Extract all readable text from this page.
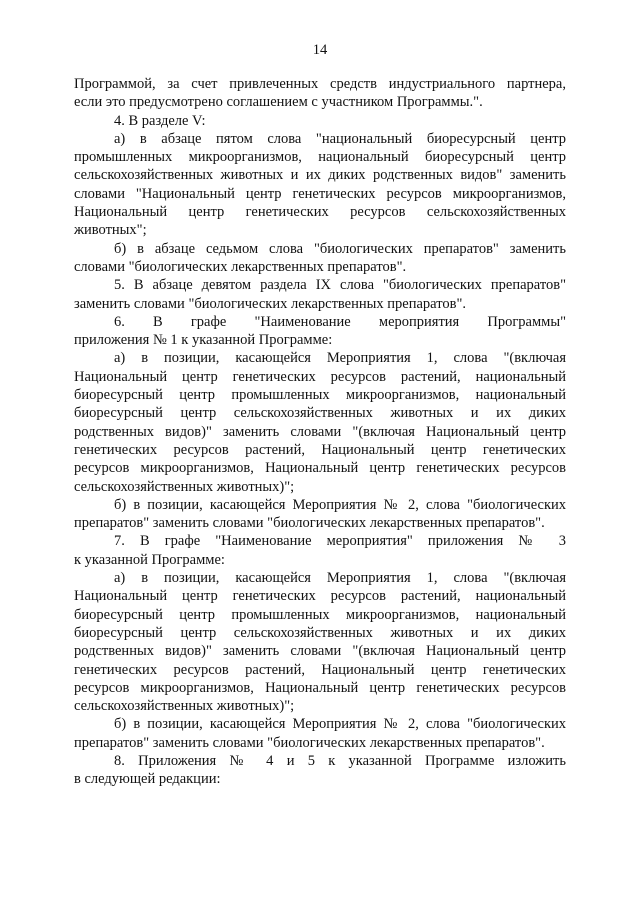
14
Программой, за счет привлеченных средств индустриального партнера,
если это предусмотрено соглашением с участником Программы.".
4. В разделе V:
а) в абзаце пятом слова "национальный биоресурсный центр
промышленных микроорганизмов, национальный биоресурсный центр
сельскохозяйственных животных и их диких родственных видов" заменить
словами "Национальный центр генетических ресурсов микроорганизмов,
Национальный центр генетических ресурсов сельскохозяйственных
животных";
б) в абзаце седьмом слова "биологических препаратов" заменить
словами "биологических лекарственных препаратов".
5. В абзаце девятом раздела IX слова "биологических препаратов"
заменить словами "биологических лекарственных препаратов".
6. В графе "Наименование мероприятия Программы"
приложения № 1 к указанной Программе:
а) в позиции, касающейся Мероприятия 1, слова "(включая
Национальный центр генетических ресурсов растений, национальный
биоресурсный центр промышленных микроорганизмов, национальный
биоресурсный центр сельскохозяйственных животных и их диких
родственных видов)" заменить словами "(включая Национальный центр
генетических ресурсов растений, Национальный центр генетических
ресурсов микроорганизмов, Национальный центр генетических ресурсов
сельскохозяйственных животных)";
б) в позиции, касающейся Мероприятия № 2, слова "биологических
препаратов" заменить словами "биологических лекарственных препаратов".
7. В графе "Наименование мероприятия" приложения № 3
к указанной Программе:
а) в позиции, касающейся Мероприятия 1, слова "(включая
Национальный центр генетических ресурсов растений, национальный
биоресурсный центр промышленных микроорганизмов, национальный
биоресурсный центр сельскохозяйственных животных и их диких
родственных видов)" заменить словами "(включая Национальный центр
генетических ресурсов растений, Национальный центр генетических
ресурсов микроорганизмов, Национальный центр генетических ресурсов
сельскохозяйственных животных)";
б) в позиции, касающейся Мероприятия № 2, слова "биологических
препаратов" заменить словами "биологических лекарственных препаратов".
8. Приложения № 4 и 5 к указанной Программе изложить
в следующей редакции:
